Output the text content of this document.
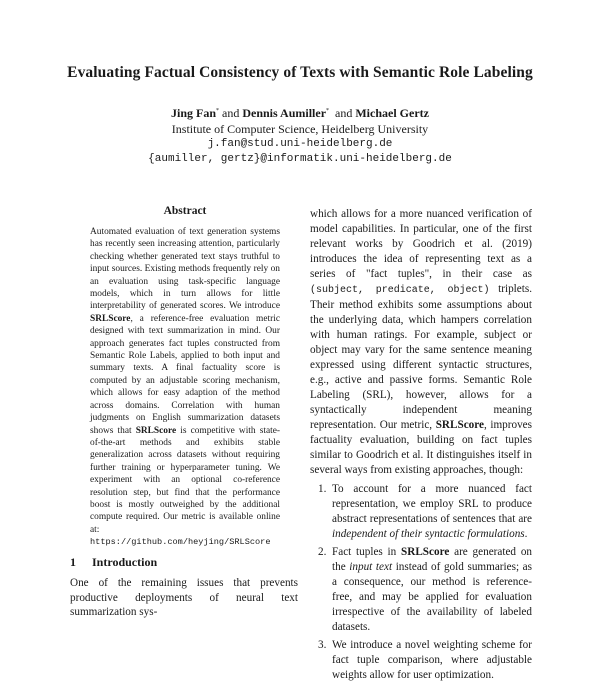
Evaluating Factual Consistency of Texts with Semantic Role Labeling
Jing Fan* and Dennis Aumiller*  and Michael Gertz
Institute of Computer Science, Heidelberg University
j.fan@stud.uni-heidelberg.de
{aumiller, gertz}@informatik.uni-heidelberg.de
Abstract
Automated evaluation of text generation systems has recently seen increasing attention, particularly checking whether generated text stays truthful to input sources. Existing methods frequently rely on an evaluation using task-specific language models, which in turn allows for little interpretability of generated scores. We introduce SRLScore, a reference-free evaluation metric designed with text summarization in mind. Our approach generates fact tuples constructed from Semantic Role Labels, applied to both input and summary texts. A final factuality score is computed by an adjustable scoring mechanism, which allows for easy adaption of the method across domains. Correlation with human judgments on English summarization datasets shows that SRLScore is competitive with state-of-the-art methods and exhibits stable generalization across datasets without requiring further training or hyperparameter tuning. We experiment with an optional co-reference resolution step, but find that the performance boost is mostly outweighed by the additional compute required. Our metric is available online at: https://github.com/heyjing/SRLScore
1 Introduction
One of the remaining issues that prevents productive deployments of neural text summarization sys-

which allows for a more nuanced verification of model capabilities. In particular, one of the first relevant works by Goodrich et al. (2019) introduces the idea of representing text as a series of "fact tuples", in their case as (subject, predicate, object) triplets. Their method exhibits some assumptions about the underlying data, which hampers correlation with human ratings. For example, subject or object may vary for the same sentence meaning expressed using different syntactic structures, e.g., active and passive forms. Semantic Role Labeling (SRL), however, allows for a syntactically independent meaning representation. Our metric, SRLScore, improves factuality evaluation, building on fact tuples similar to Goodrich et al. It distinguishes itself in several ways from existing approaches, though:

1. To account for a more nuanced fact representation, we employ SRL to produce abstract representations of sentences that are independent of their syntactic formulations.
2. Fact tuples in SRLScore are generated on the input text instead of gold summaries; as a consequence, our method is reference-free, and may be applied for evaluation irrespective of the availability of labeled datasets.
3. We introduce a novel weighting scheme for fact tuple comparison, where adjustable weights allow for user optimization.
